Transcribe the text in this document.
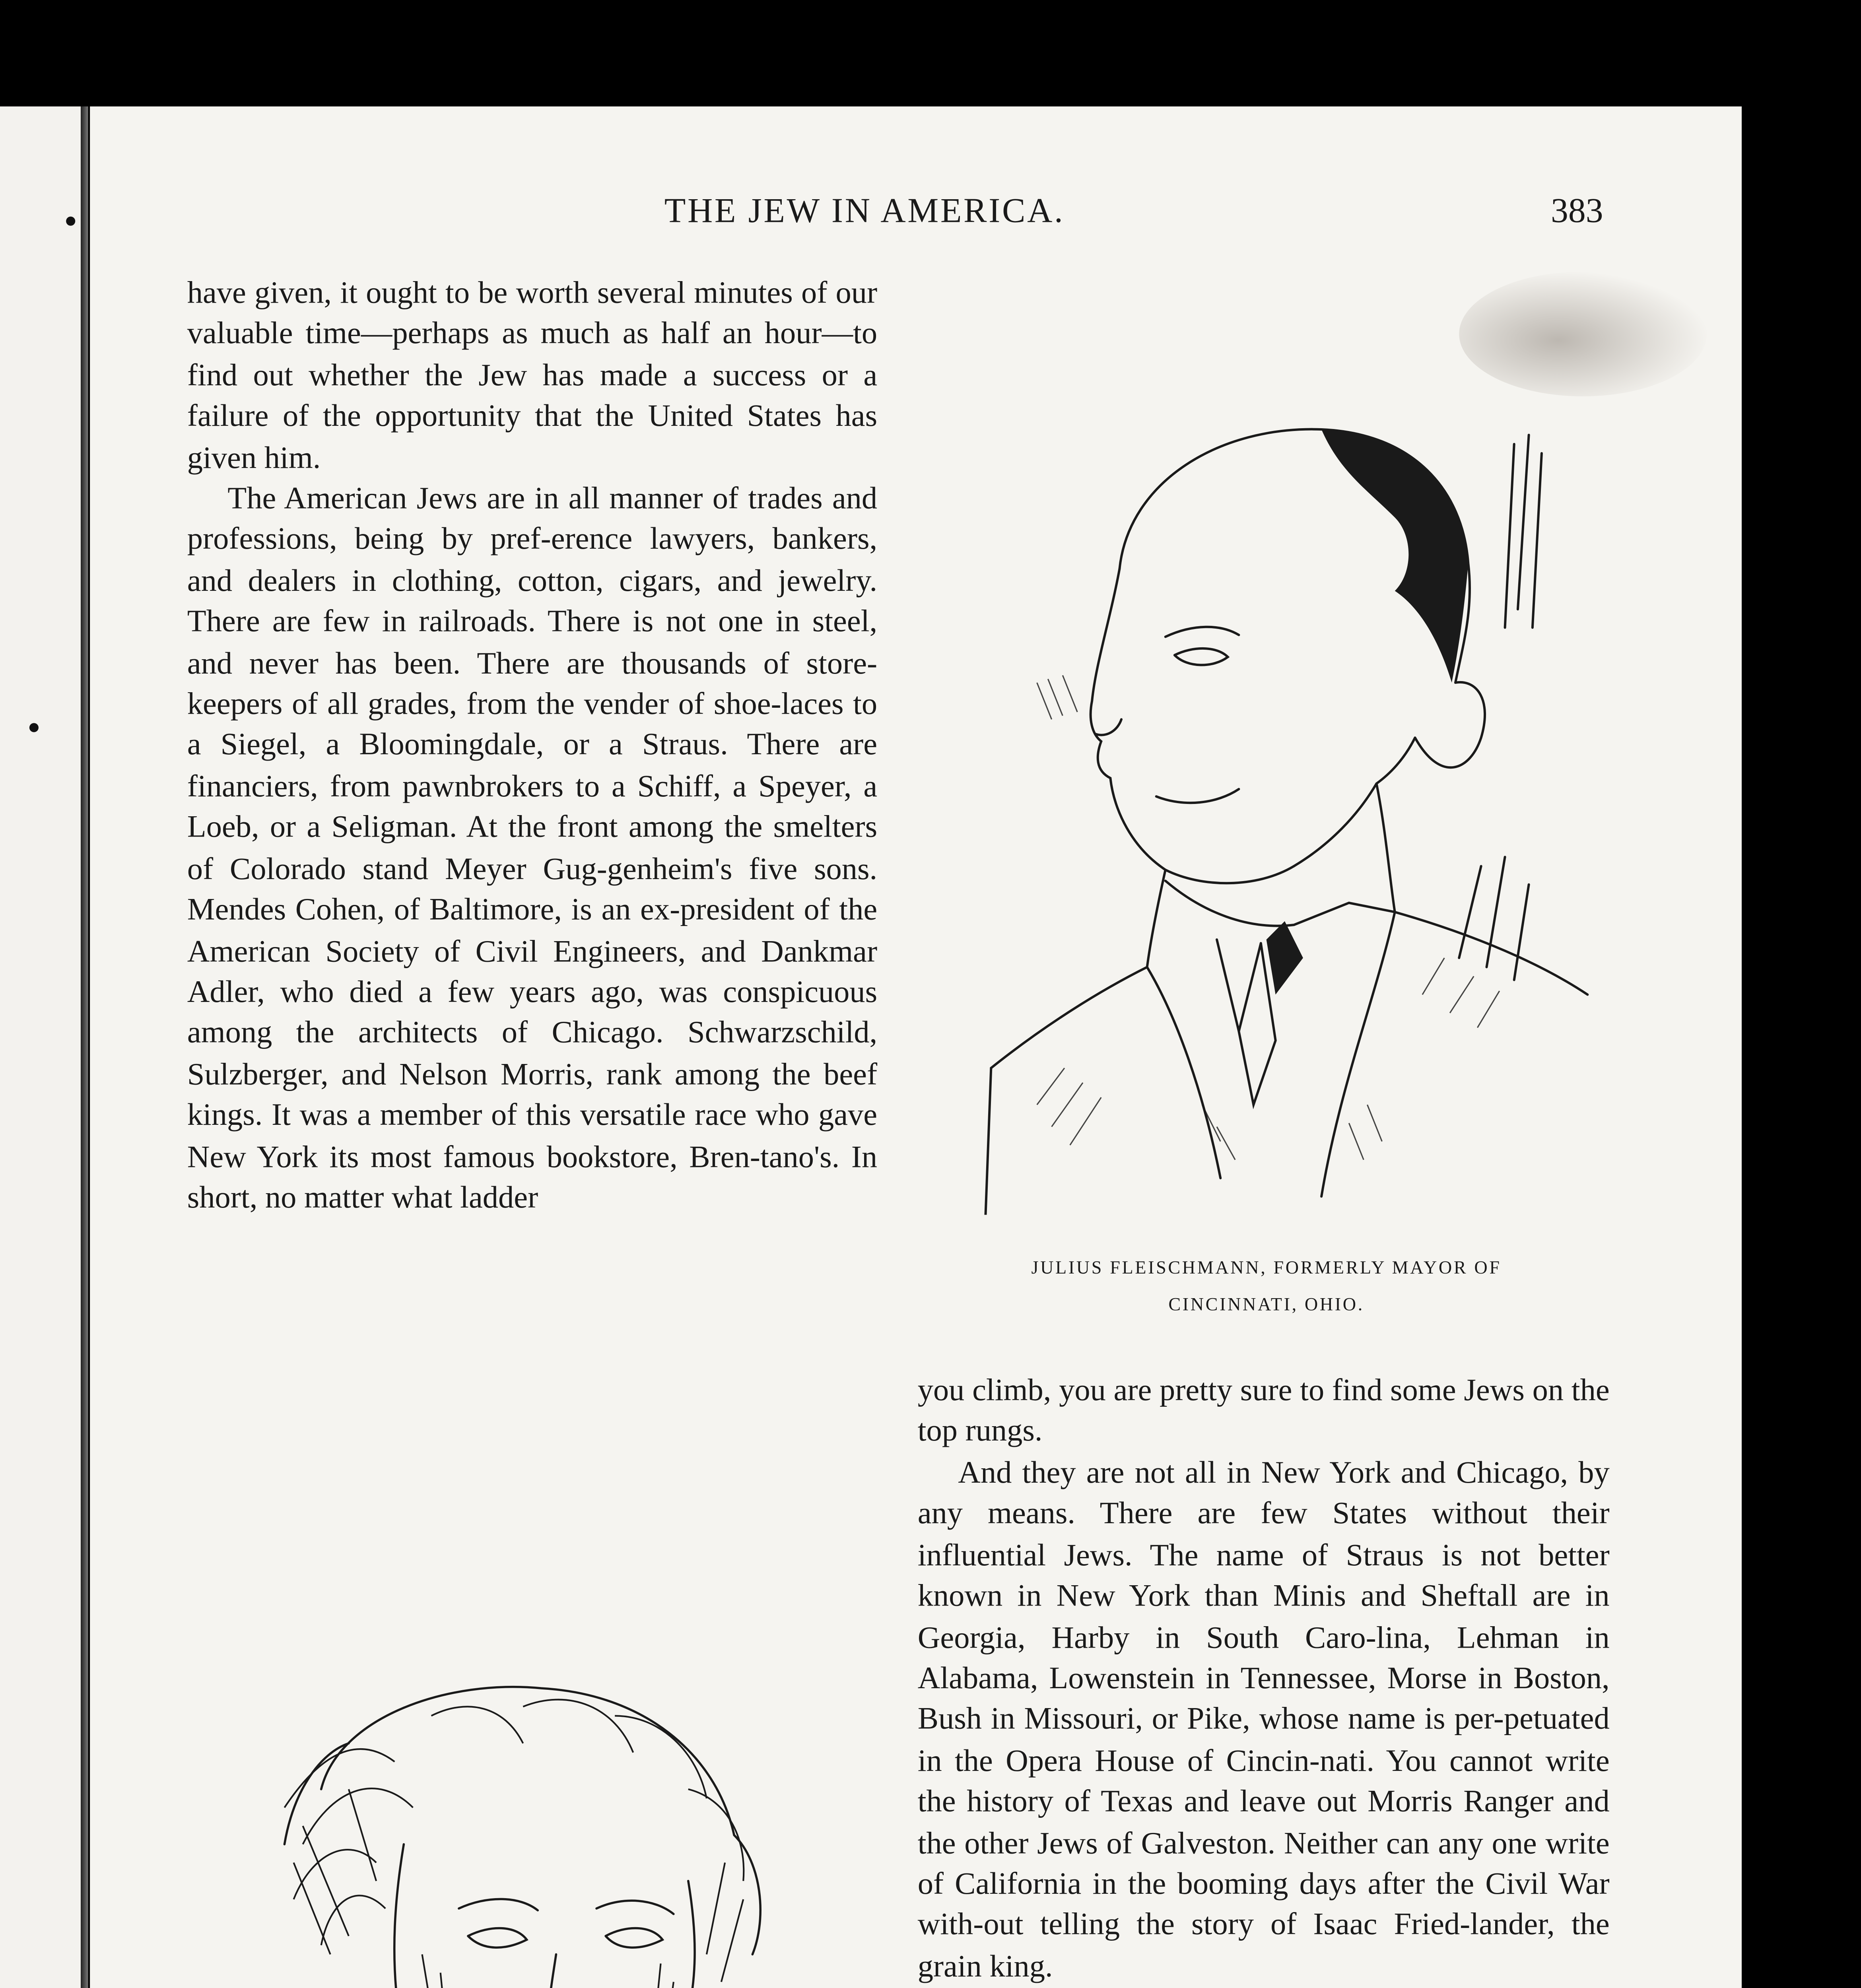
THE JEW IN AMERICA.	383

have given, it ought to be worth several minutes of our valuable time—perhaps as much as half an hour—to find out whether the Jew has made a success or a failure of the opportunity that the United States has given him.

The American Jews are in all manner of trades and professions, being by pref-erence lawyers, bankers, and dealers in clothing, cotton, cigars, and jewelry. There are few in railroads. There is not one in steel, and never has been. There are thousands of store-keepers of all grades, from the vender of shoe-laces to a Siegel, a Bloomingdale, or a Straus. There are financiers, from pawnbrokers to a Schiff, a Speyer, a Loeb, or a Seligman. At the front among the smelters of Colorado stand Meyer Gug-genheim's five sons. Mendes Cohen, of Baltimore, is an ex-president of the American Society of Civil Engineers, and Dankmar Adler, who died a few years ago, was conspicuous among the architects of Chicago. Schwarzschild, Sulzberger, and Nelson Morris, rank among the beef kings. It was a member of this versatile race who gave New York its most famous bookstore, Bren-tano's. In short, no matter what ladder

JULIUS FLEISCHMANN, FORMERLY MAYOR OF
CINCINNATI, OHIO.

you climb, you are pretty sure to find some Jews on the top rungs.

And they are not all in New York and Chicago, by any means. There are few States without their influential Jews. The name of Straus is not better known in New York than Minis and Sheftall are in Georgia, Harby in South Caro-lina, Lehman in Alabama, Lowenstein in Tennessee, Morse in Boston, Bush in Missouri, or Pike, whose name is per-petuated in the Opera House of Cincin-nati. You cannot write the history of Texas and leave out Morris Ranger and the other Jews of Galveston. Neither can any one write of California in the booming days after the Civil War with-out telling the story of Isaac Fried-lander, the grain king.
